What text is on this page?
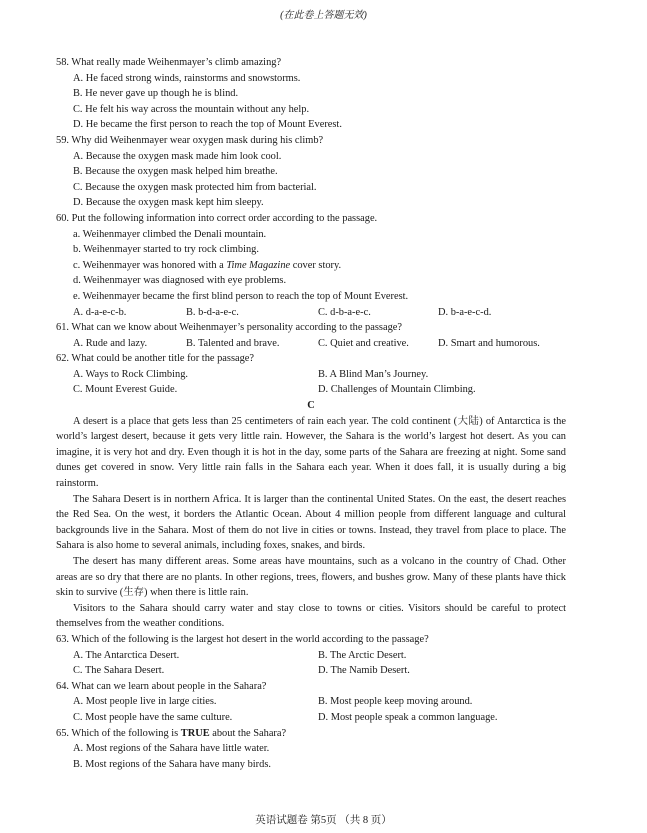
(在此卷上答题无效)
58. What really made Weihenmayer’s climb amazing?
A. He faced strong winds, rainstorms and snowstorms.
B. He never gave up though he is blind.
C. He felt his way across the mountain without any help.
D. He became the first person to reach the top of Mount Everest.
59. Why did Weihenmayer wear oxygen mask during his climb?
A. Because the oxygen mask made him look cool.
B. Because the oxygen mask helped him breathe.
C. Because the oxygen mask protected him from bacterial.
D. Because the oxygen mask kept him sleepy.
60. Put the following information into correct order according to the passage.
a. Weihenmayer climbed the Denali mountain.
b. Weihenmayer started to try rock climbing.
c. Weihenmayer was honored with a Time Magazine cover story.
d. Weihenmayer was diagnosed with eye problems.
e. Weihenmayer became the first blind person to reach the top of Mount Everest.
A. d-a-e-c-b.	B. b-d-a-e-c.	C. d-b-a-e-c.	D. b-a-e-c-d.
61. What can we know about Weihenmayer’s personality according to the passage?
A. Rude and lazy.	B. Talented and brave.	C. Quiet and creative.	D. Smart and humorous.
62. What could be another title for the passage?
A. Ways to Rock Climbing.	B. A Blind Man’s Journey.
C. Mount Everest Guide.	D. Challenges of Mountain Climbing.
C
A desert is a place that gets less than 25 centimeters of rain each year. The cold continent (大陆) of Antarctica is the world’s largest desert, because it gets very little rain. However, the Sahara is the world’s largest hot desert. As you can imagine, it is very hot and dry. Even though it is hot in the day, some parts of the Sahara are freezing at night. Some sand dunes get covered in snow. Very little rain falls in the Sahara each year. When it does fall, it is usually during a big rainstorm.
The Sahara Desert is in northern Africa. It is larger than the continental United States. On the east, the desert reaches the Red Sea. On the west, it borders the Atlantic Ocean. About 4 million people from different language and cultural backgrounds live in the Sahara. Most of them do not live in cities or towns. Instead, they travel from place to place. The Sahara is also home to several animals, including foxes, snakes, and birds.
The desert has many different areas. Some areas have mountains, such as a volcano in the country of Chad. Other areas are so dry that there are no plants. In other regions, trees, flowers, and bushes grow. Many of these plants have thick skin to survive (生存) when there is little rain.
Visitors to the Sahara should carry water and stay close to towns or cities. Visitors should be careful to protect themselves from the weather conditions.
63. Which of the following is the largest hot desert in the world according to the passage?
A. The Antarctica Desert.	B. The Arctic Desert.
C. The Sahara Desert.	D. The Namib Desert.
64. What can we learn about people in the Sahara?
A. Most people live in large cities.	B. Most people keep moving around.
C. Most people have the same culture.	D. Most people speak a common language.
65. Which of the following is TRUE about the Sahara?
A. Most regions of the Sahara have little water.
B. Most regions of the Sahara have many birds.
英语试题卷 第5页 （共 8 页）
